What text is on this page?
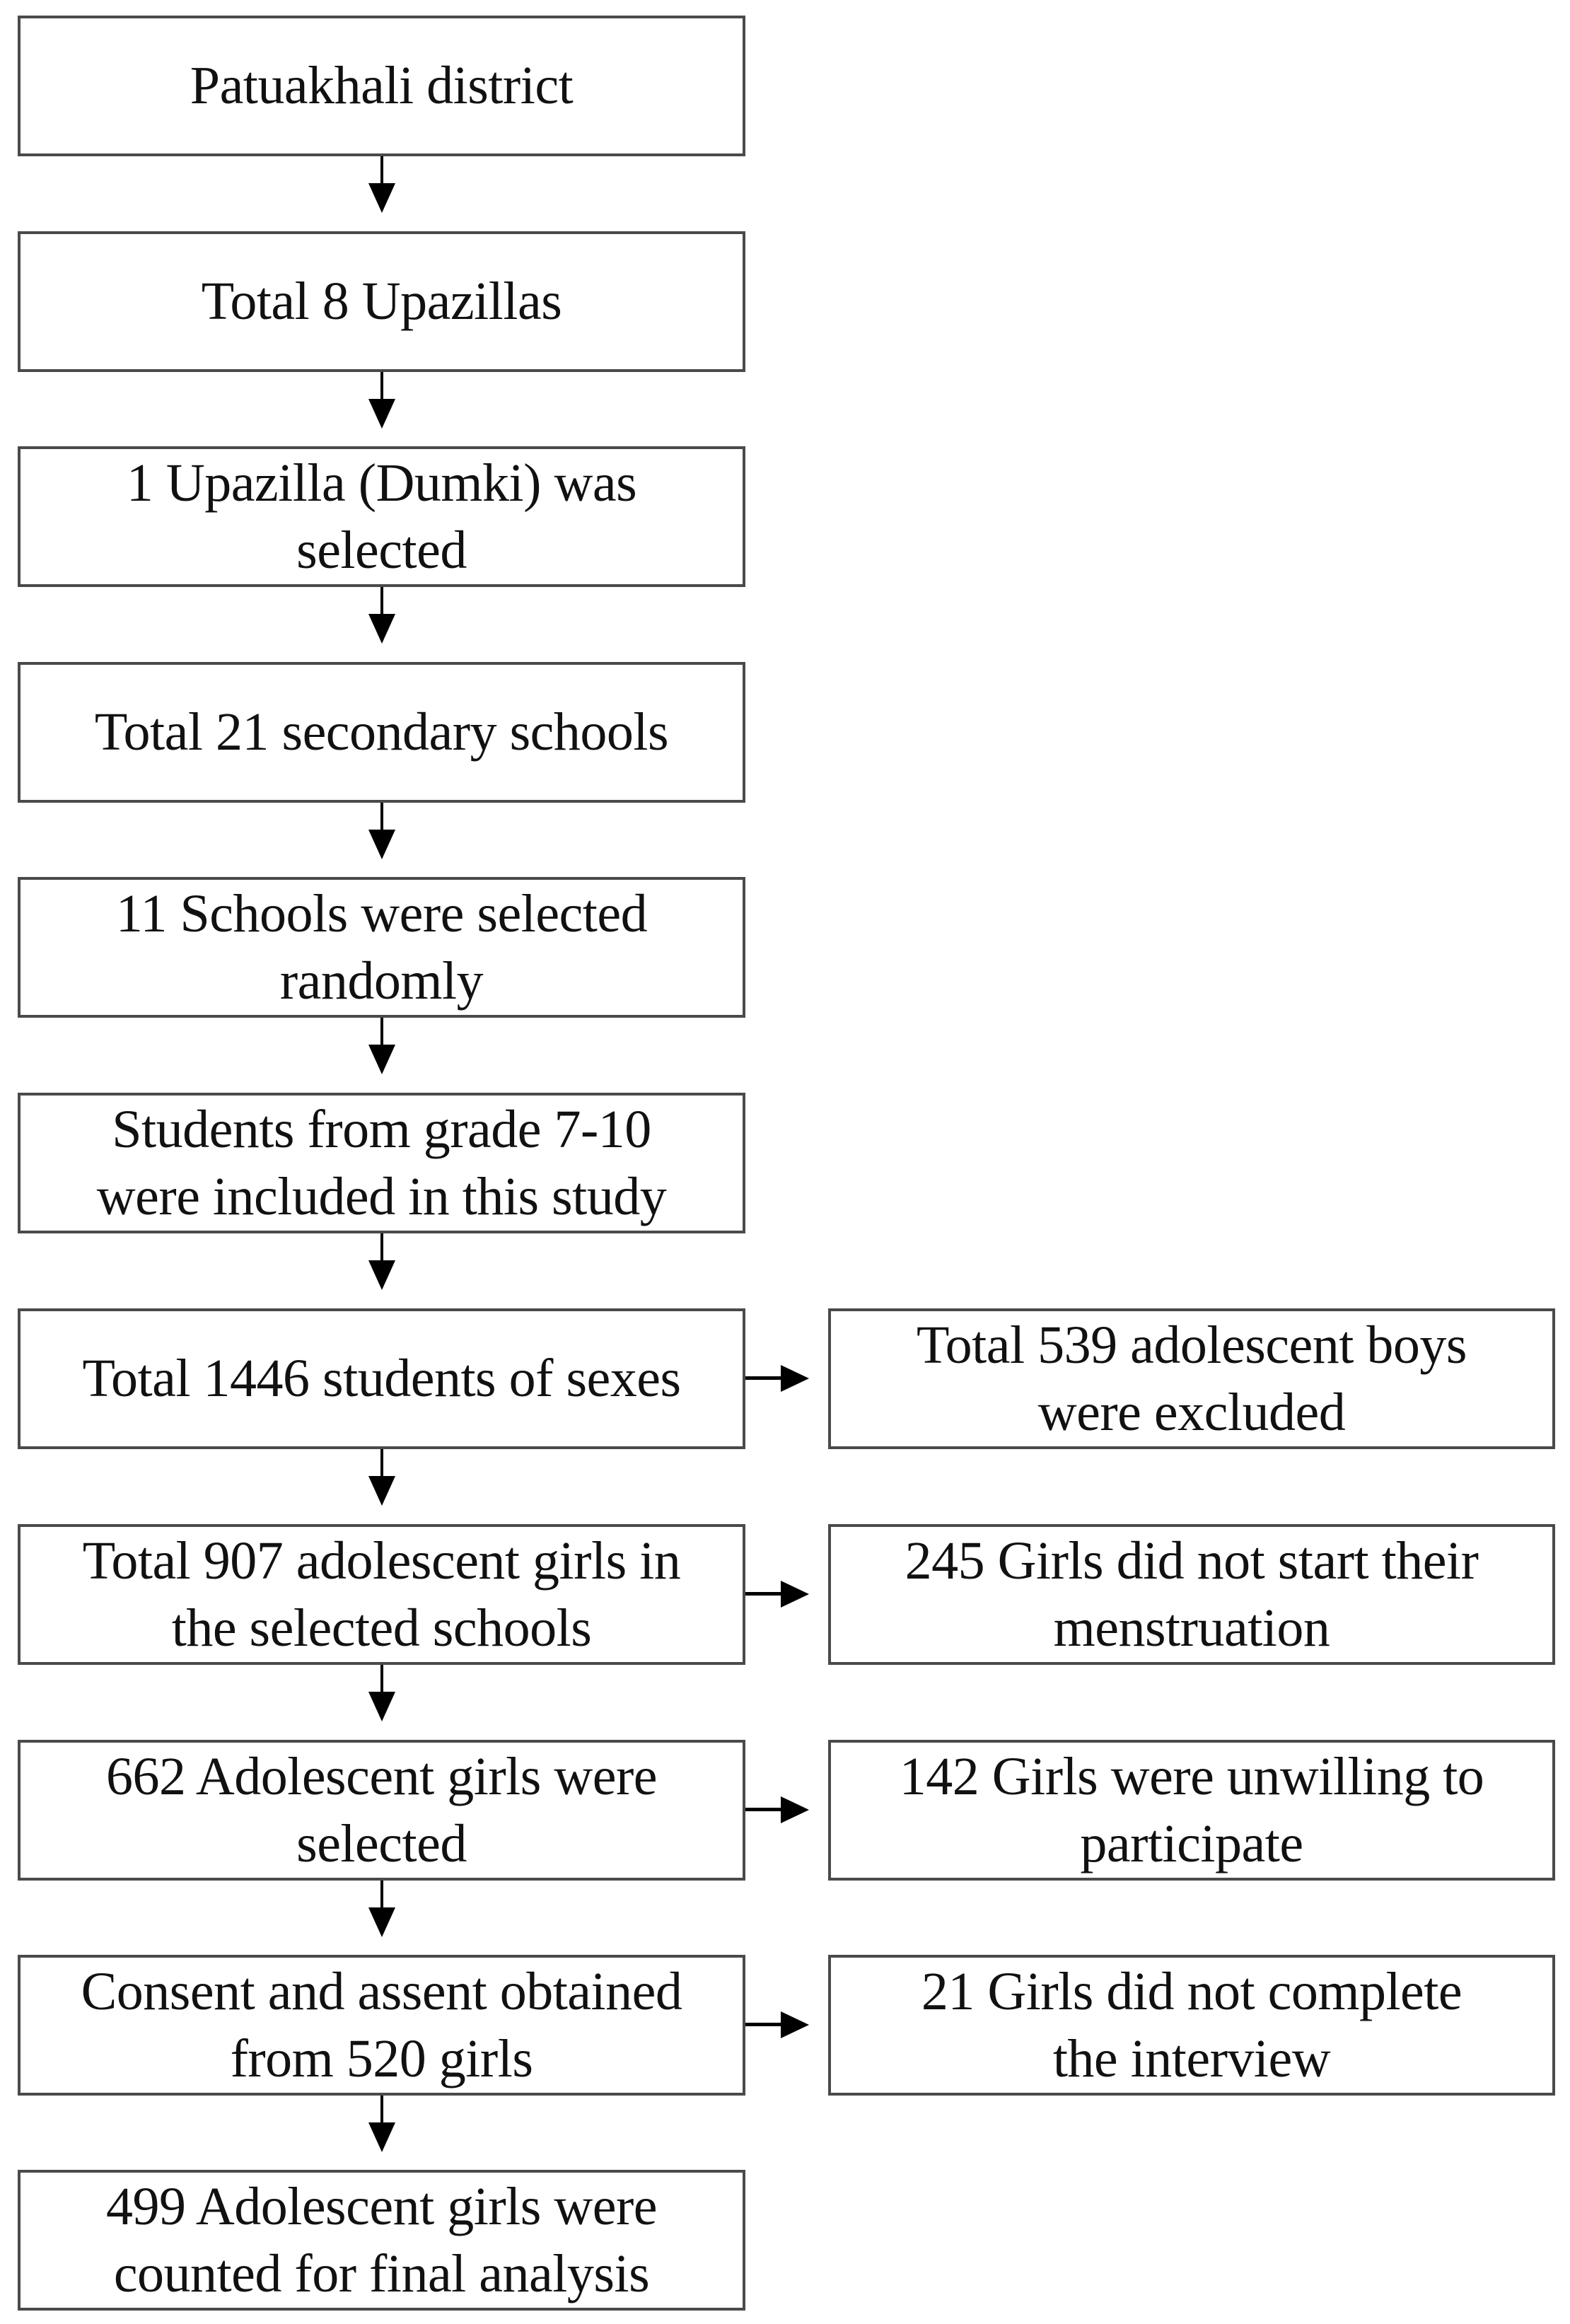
Patuakhali district
Total 8 Upazillas
1 Upazilla (Dumki) was
selected
Total 21 secondary schools
11 Schools were selected
randomly
Students from grade 7-10
were included in this study
Total 1446 students of sexes
Total 907 adolescent girls in
the selected schools
662 Adolescent girls were
selected
Consent and assent obtained
from 520 girls
499 Adolescent girls were
counted for final analysis
Total 539 adolescent boys
were excluded
245 Girls did not start their
menstruation
142 Girls were unwilling to
participate
21 Girls did not complete
the interview
